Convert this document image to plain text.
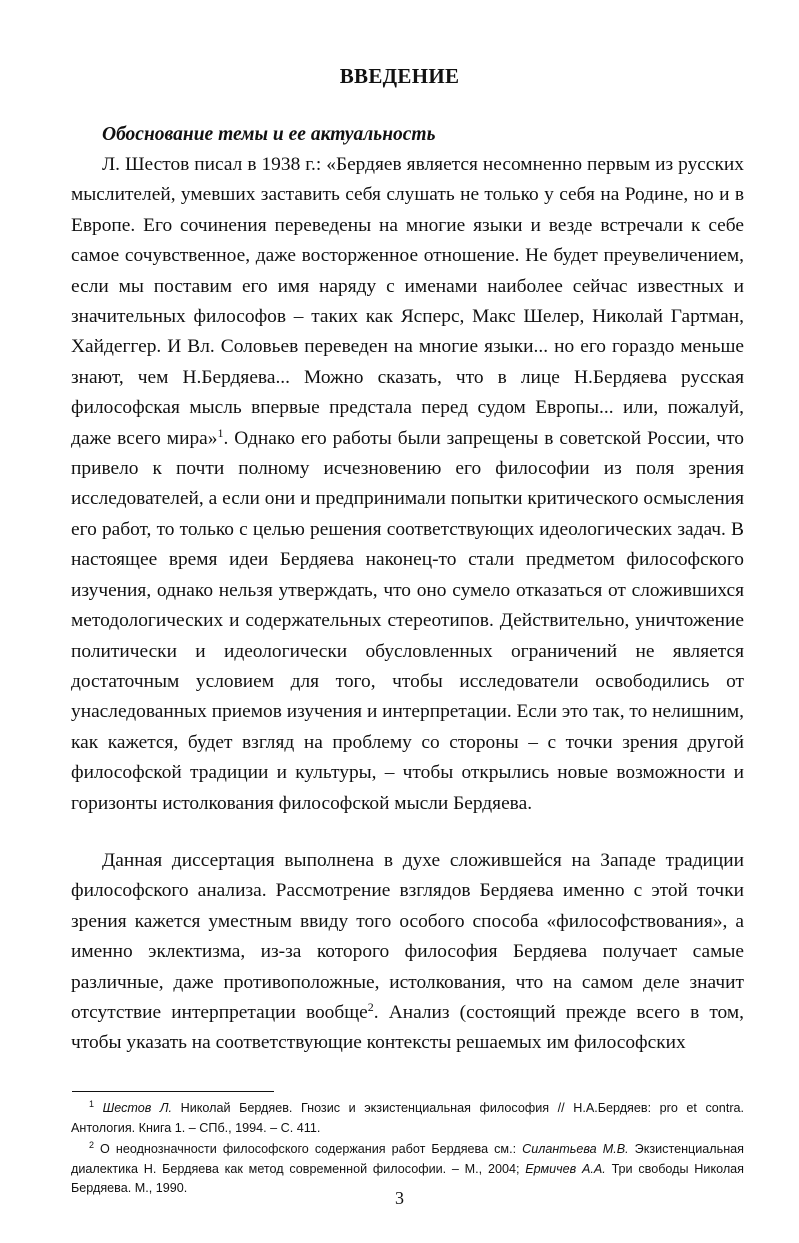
ВВЕДЕНИЕ
Обоснование темы и ее актуальность

Л. Шестов писал в 1938 г.: «Бердяев является несомненно первым из русских мыслителей, умевших заставить себя слушать не только у себя на Родине, но и в Европе. Его сочинения переведены на многие языки и везде встречали к себе самое сочувственное, даже восторженное отношение. Не будет преувеличением, если мы поставим его имя наряду с именами наиболее сейчас известных и значительных философов – таких как Ясперс, Макс Шелер, Николай Гартман, Хайдеггер. И Вл. Соловьев переведен на многие языки... но его гораздо меньше знают, чем Н.Бердяева... Можно сказать, что в лице Н.Бердяева русская философская мысль впервые предстала перед судом Европы... или, пожалуй, даже всего мира»$^1$. Однако его работы были запрещены в советской России, что привело к почти полному исчезновению его философии из поля зрения исследователей, а если они и предпринимали попытки критического осмысления его работ, то только с целью решения соответствующих идеологических задач. В настоящее время идеи Бердяева наконец-то стали предметом философского изучения, однако нельзя утверждать, что оно сумело отказаться от сложившихся методологических и содержательных стереотипов. Действительно, уничтожение политически и идеологически обусловленных ограничений не является достаточным условием для того, чтобы исследователи освободились от унаследованных приемов изучения и интерпретации. Если это так, то нелишним, как кажется, будет взгляд на проблему со стороны – с точки зрения другой философской традиции и культуры, – чтобы открылись новые возможности и горизонты истолкования философской мысли Бердяева.

Данная диссертация выполнена в духе сложившейся на Западе традиции философского анализа. Рассмотрение взглядов Бердяева именно с этой точки зрения кажется уместным ввиду того особого способа «философствования», а именно эклектизма, из-за которого философия Бердяева получает самые различные, даже противоположные, истолкования, что на самом деле значит отсутствие интерпретации вообще$^2$. Анализ (состоящий прежде всего в том, чтобы указать на соответствующие контексты решаемых им философских

$^1$ Шестов Л. Николай Бердяев. Гнозис и экзистенциальная философия // Н.А.Бердяев: pro et contra. Антология. Книга 1. – СПб., 1994. – С. 411.

$^2$ О неоднозначности философского содержания работ Бердяева см.: Силантьева М.В. Экзистенциальная диалектика Н. Бердяева как метод современной философии. – М., 2004; Ермичев А.А. Три свободы Николая Бердяева. М., 1990.	3
